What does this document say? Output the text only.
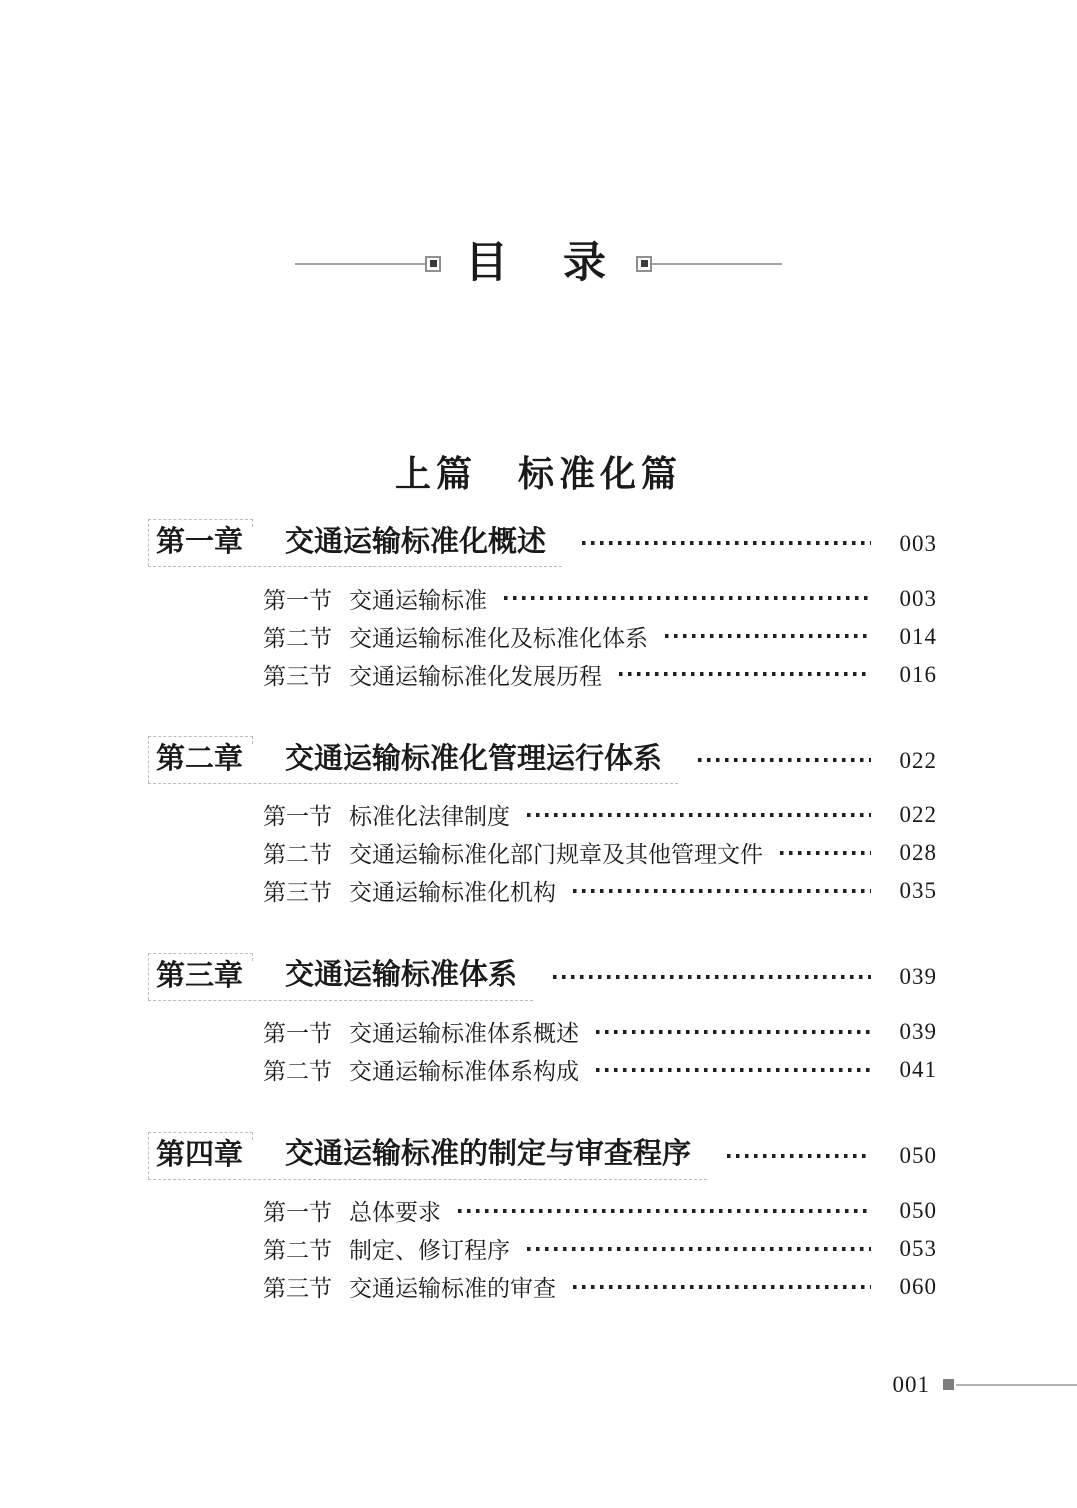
目　录
上篇　标准化篇
第一章	交通运输标准化概述	003
第一节 交通运输标准	003
第二节 交通运输标准化及标准化体系	014
第三节 交通运输标准化发展历程	016
第二章	交通运输标准化管理运行体系	022
第一节 标准化法律制度	022
第二节 交通运输标准化部门规章及其他管理文件	028
第三节 交通运输标准化机构	035
第三章	交通运输标准体系	039
第一节 交通运输标准体系概述	039
第二节 交通运输标准体系构成	041
第四章	交通运输标准的制定与审查程序	050
第一节 总体要求	050
第二节 制定、修订程序	053
第三节 交通运输标准的审查	060
001
